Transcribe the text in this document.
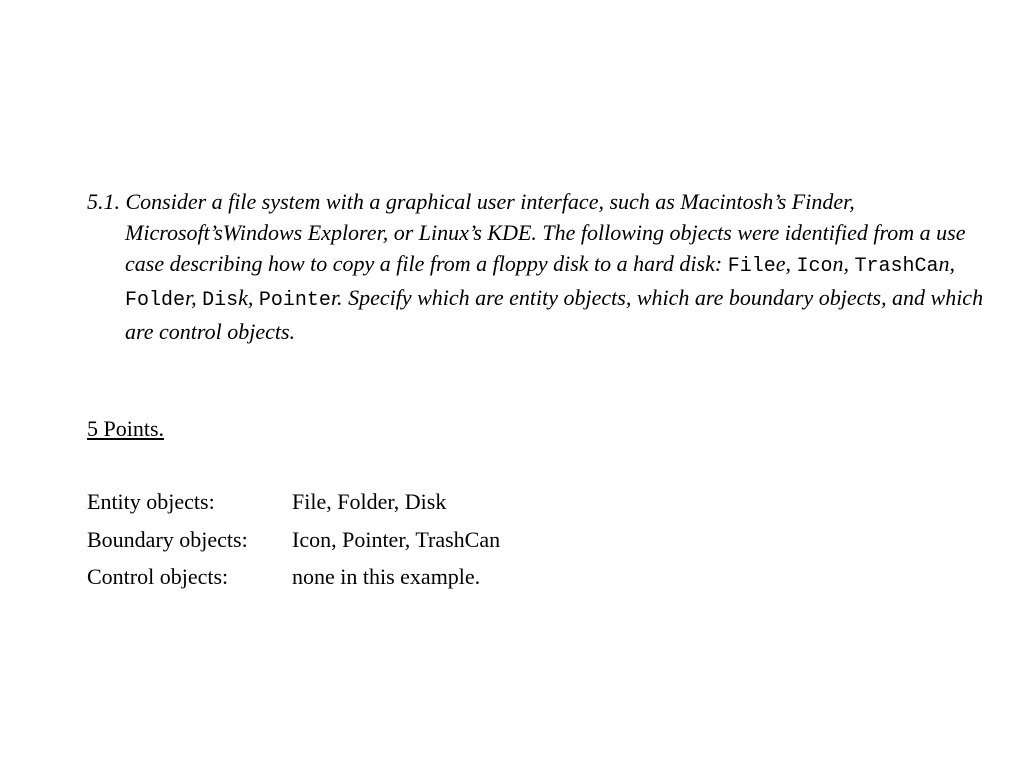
5.1. Consider a file system with a graphical user interface, such as Macintosh’s Finder, Microsoft’sWindows Explorer, or Linux’s KDE. The following objects were identified from a use case describing how to copy a file from a floppy disk to a hard disk: Filee, Icon, TrashCan, Folder, Disk, Pointer. Specify which are entity objects, which are boundary objects, and which are control objects.

5 Points.

Entity objects:	File, Folder, Disk
Boundary objects:	Icon, Pointer, TrashCan
Control objects:	none in this example.
